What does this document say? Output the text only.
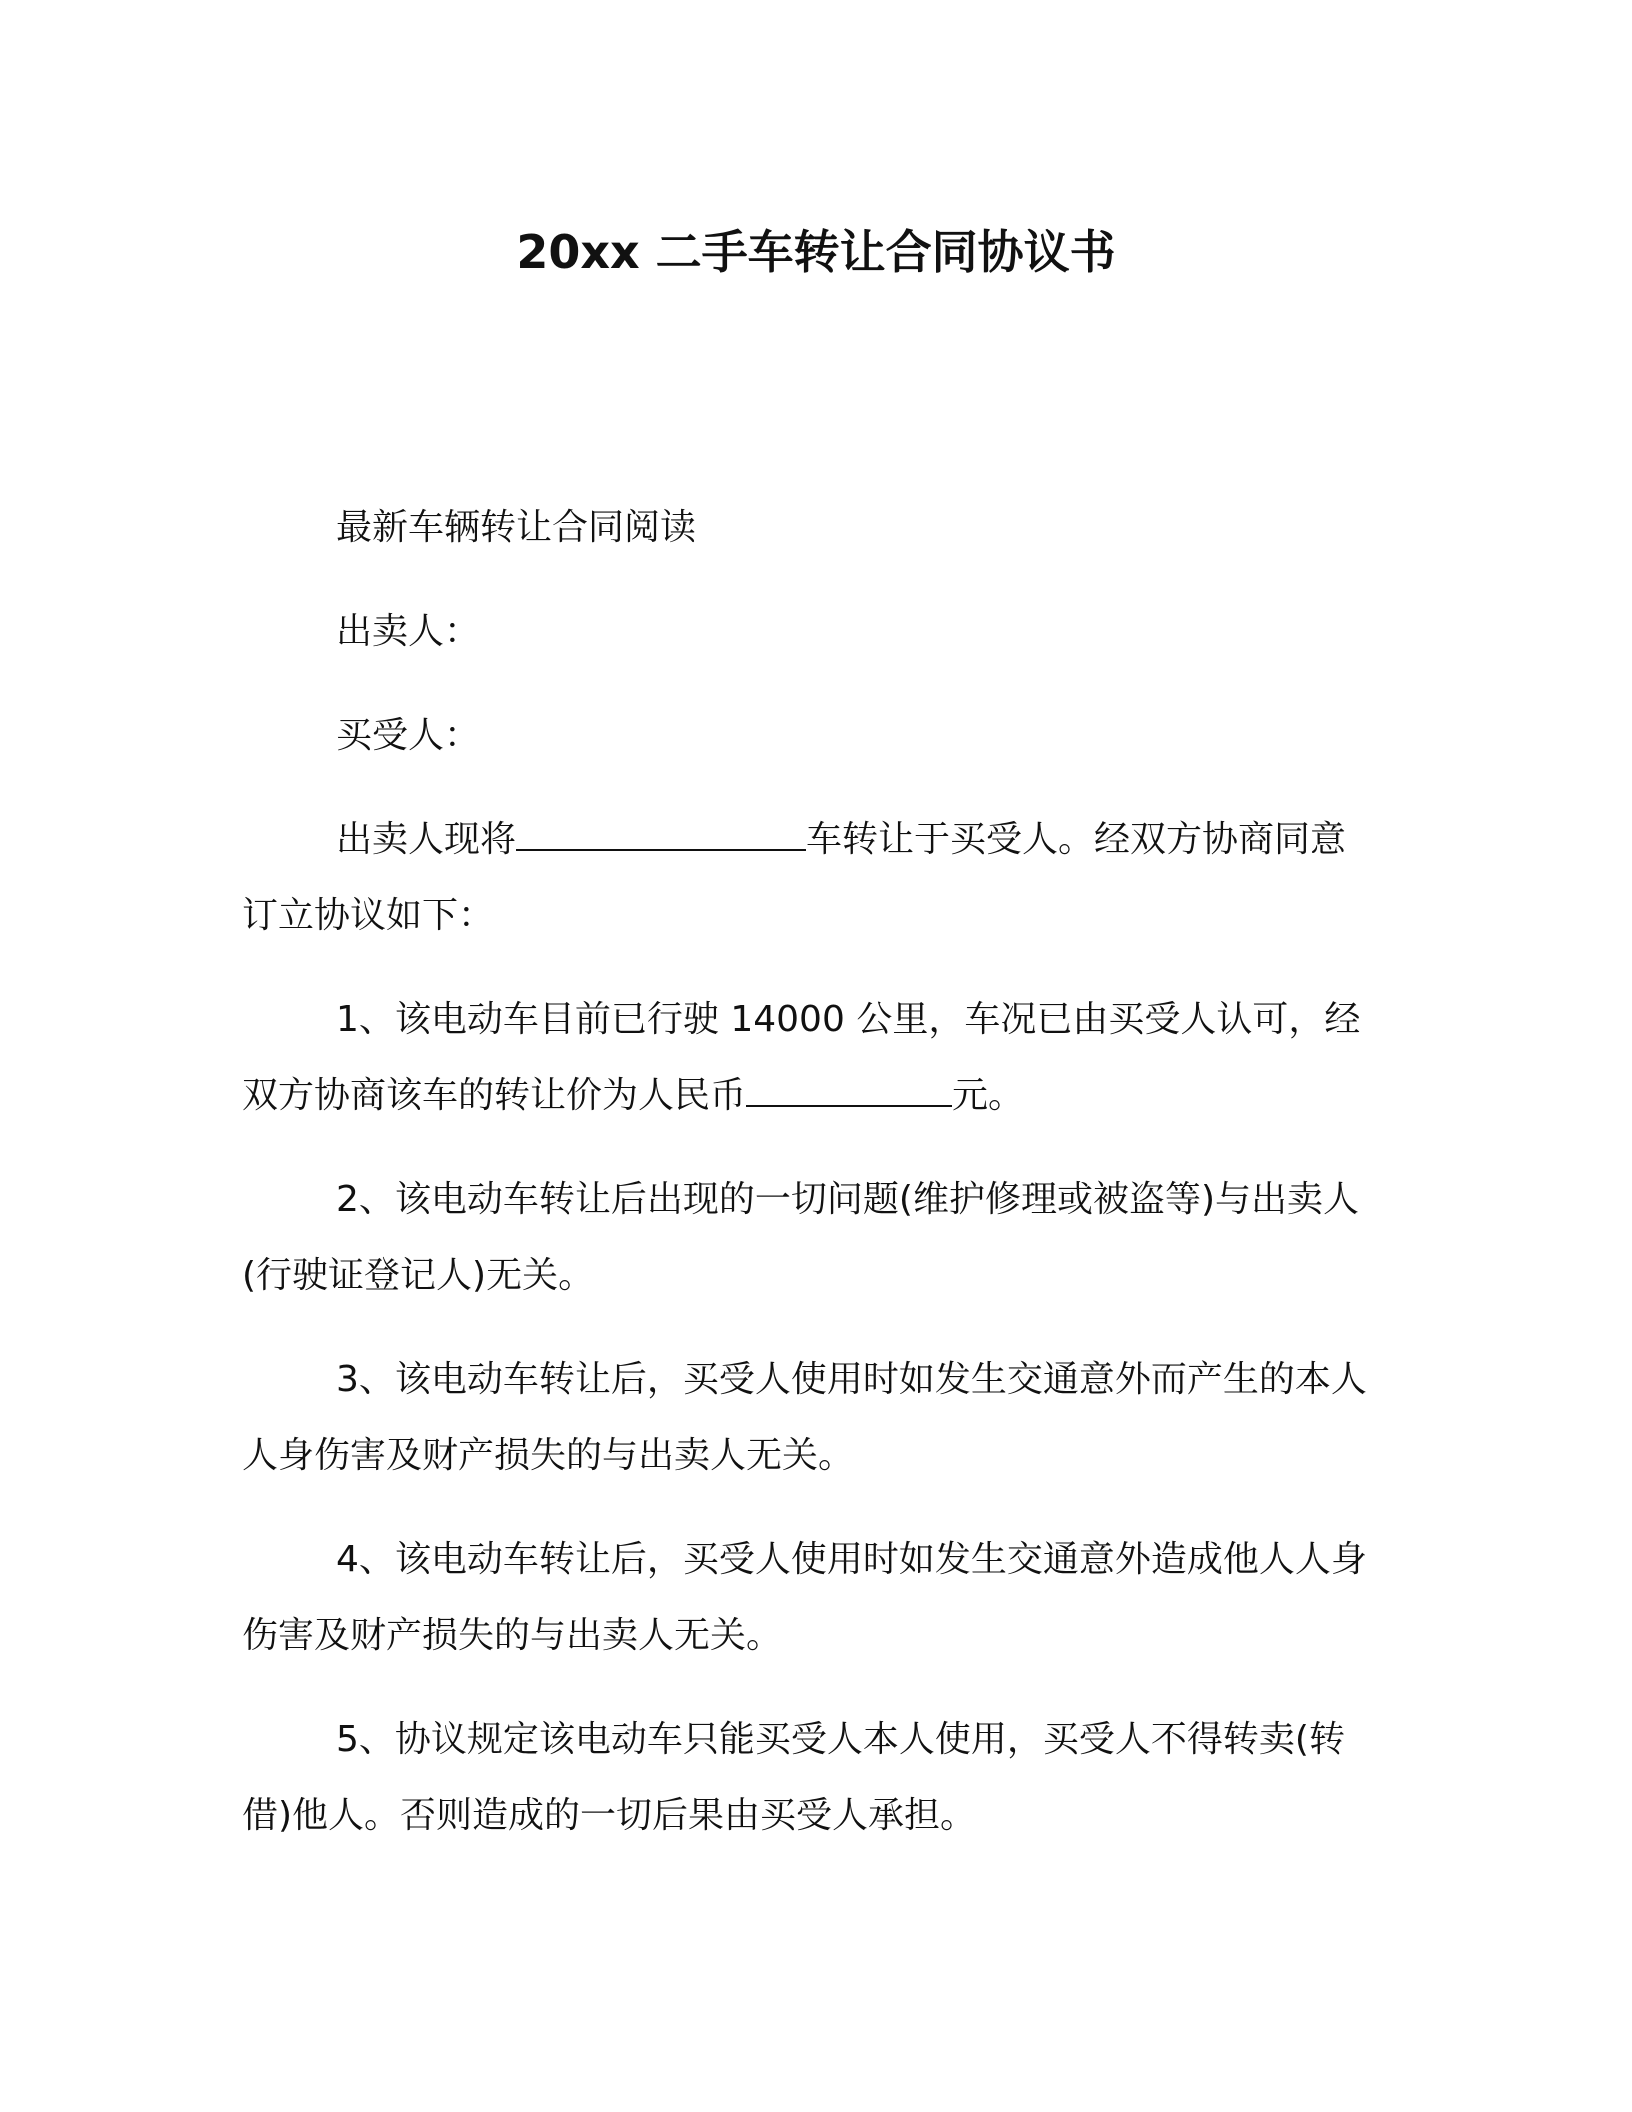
20xx 二手车转让合同协议书

最新车辆转让合同阅读

出卖人：

买受人：

出卖人现将	车转让于买受人。经双方协商同意订立协议如下：

1、该电动车目前已行驶 14000 公里，车况已由买受人认可，经双方协商该车的转让价为人民币	元。

2、该电动车转让后出现的一切问题(维护修理或被盗等)与出卖人(行驶证登记人)无关。

3、该电动车转让后，买受人使用时如发生交通意外而产生的本人人身伤害及财产损失的与出卖人无关。

4、该电动车转让后，买受人使用时如发生交通意外造成他人人身伤害及财产损失的与出卖人无关。

5、协议规定该电动车只能买受人本人使用，买受人不得转卖(转借)他人。否则造成的一切后果由买受人承担。
